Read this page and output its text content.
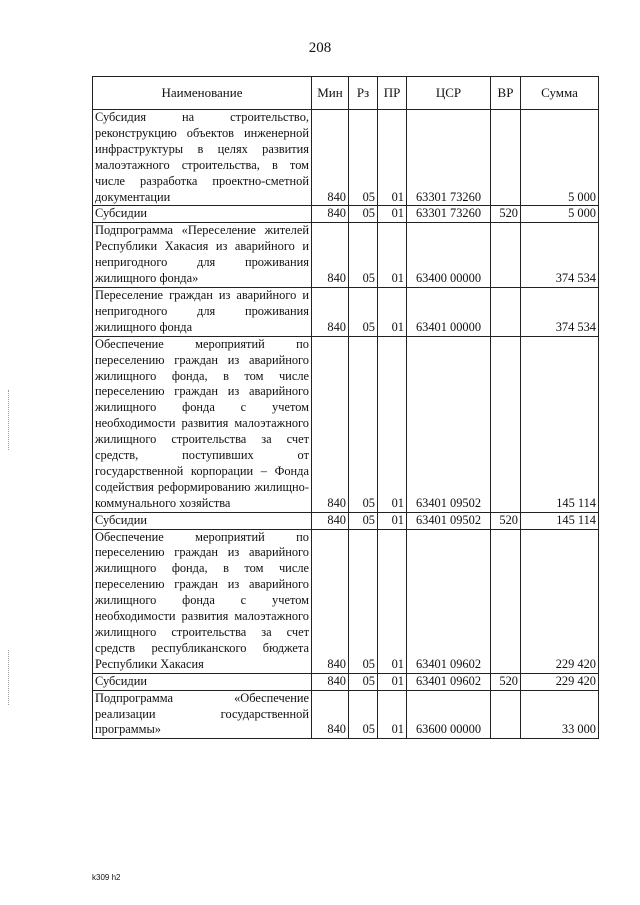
208
Наименование	Мин	Рз	ПР	ЦСР	ВР	Сумма
Субсидия на строительство, реконструкцию объектов инженерной инфраструктуры в целях развития малоэтажного строительства, в том числе разработка проектно-сметной документации	840	05	01	63301 73260		5 000
Субсидии	840	05	01	63301 73260	520	5 000
Подпрограмма «Переселение жителей Республики Хакасия из аварийного и непригодного для проживания жилищного фонда»	840	05	01	63400 00000		374 534
Переселение граждан из аварийного и непригодного для проживания жилищного фонда	840	05	01	63401 00000		374 534
Обеспечение мероприятий по переселению граждан из аварийного жилищного фонда, в том числе переселению граждан из аварийного жилищного фонда с учетом необходимости развития малоэтажного жилищного строительства за счет средств, поступивших от государственной корпорации – Фонда содействия реформированию жилищно-коммунального хозяйства	840	05	01	63401 09502		145 114
Субсидии	840	05	01	63401 09502	520	145 114
Обеспечение мероприятий по переселению граждан из аварийного жилищного фонда, в том числе переселению граждан из аварийного жилищного фонда с учетом необходимости развития малоэтажного жилищного строительства за счет средств республиканского бюджета Республики Хакасия	840	05	01	63401 09602		229 420
Субсидии	840	05	01	63401 09602	520	229 420
Подпрограмма «Обеспечение реализации государственной программы»	840	05	01	63600 00000		33 000
k309 h2
